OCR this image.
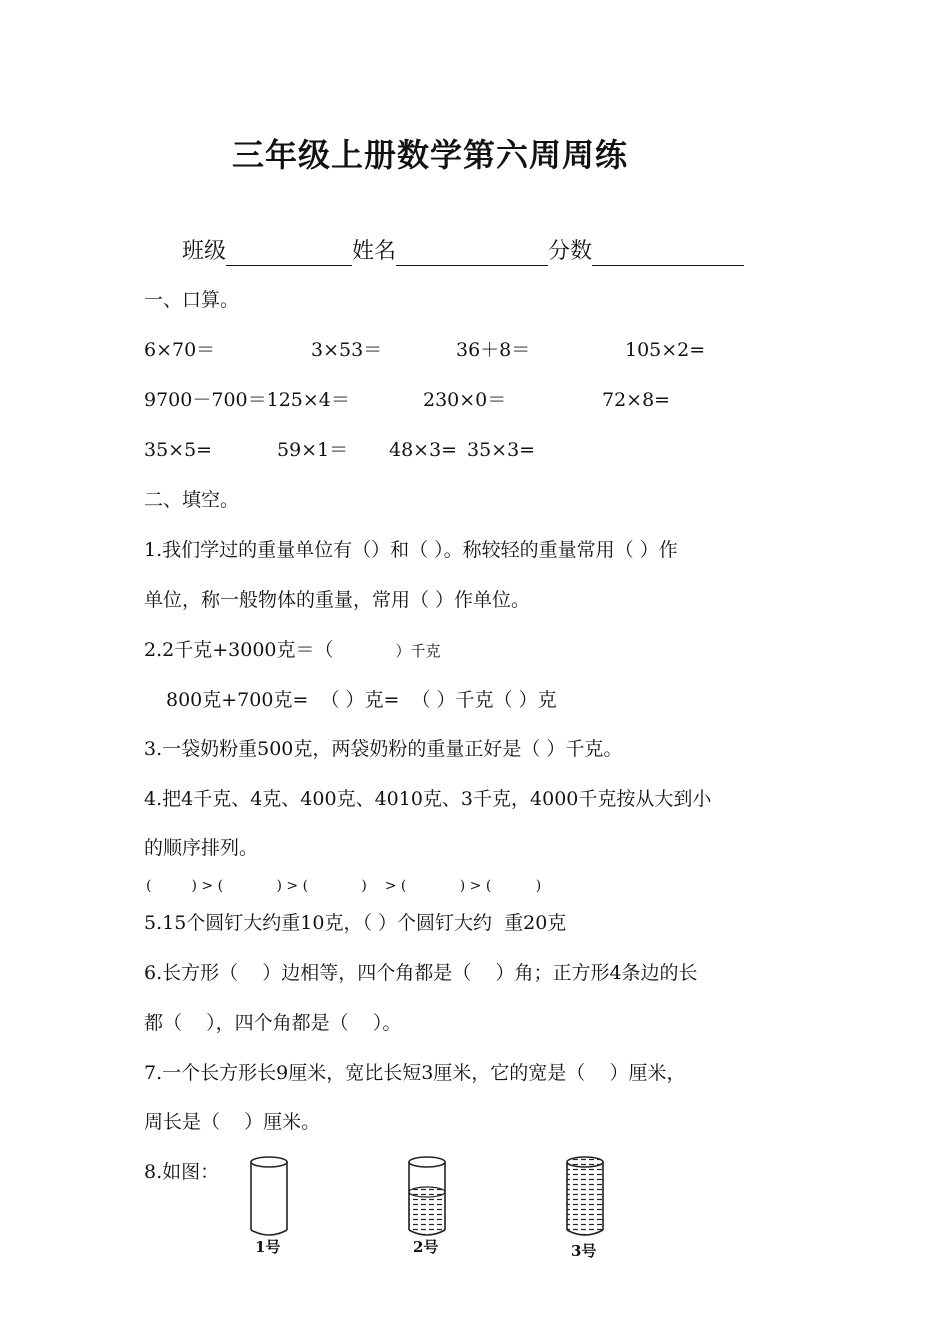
三年级上册数学第六周周练
班级	姓名	分数
一、口算。
6×70＝	3×53＝	36＋8＝	105×2=
9700－700＝125×4＝	230×0＝	72×8=
35×5=	59×1＝ 48×3= 35×3=
二、填空。
1.我们学过的重量单位有（）和（ ）。称较轻的重量常用（ ）作
单位，称一般物体的重量，常用（ ）作单位。
2.2千克+3000克＝（	）千克
800克+700克=  （ ）克=  （ ）千克（ ）克
3.一袋奶粉重500克，两袋奶粉的重量正好是（ ）千克。
4.把4千克、4克、400克、4010克、3千克，4000千克按从大到小
的顺序排列。
(         ) > (            ) > (            )    > (            ) > (          )
5.15个圆钉大约重10克，（ ）个圆钉大约  重20克
6.长方形（    ）边相等，四个角都是（    ）角；正方形4条边的长
都（    ），四个角都是（    ）。
7.一个长方形长9厘米，宽比长短3厘米，它的宽是（    ）厘米，
周长是（    ）厘米。
8.如图：
1号	2号	3号
